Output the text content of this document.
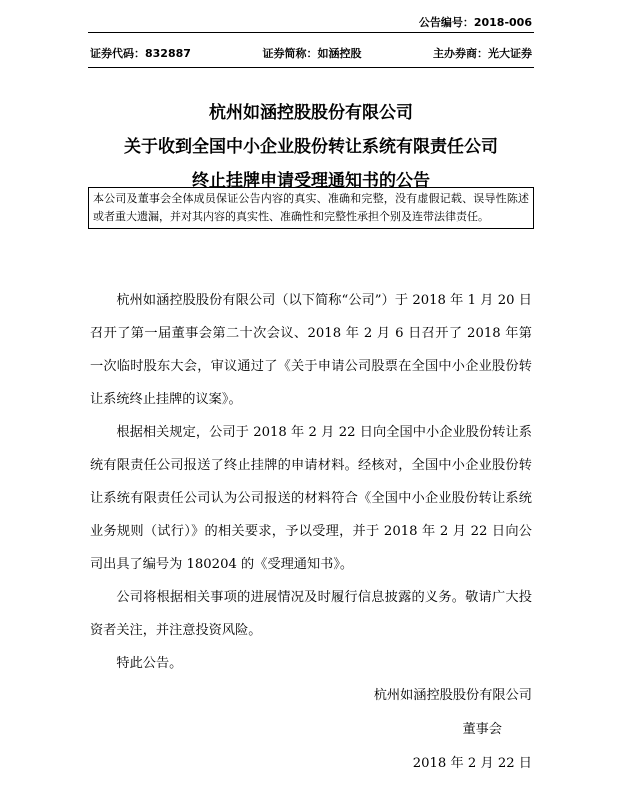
公告编号：2018-006
证券代码：832887	证券简称：如涵控股	主办券商：光大证券
杭州如涵控股股份有限公司
关于收到全国中小企业股份转让系统有限责任公司
终止挂牌申请受理通知书的公告
本公司及董事会全体成员保证公告内容的真实、准确和完整，没有虚假记载、误导性陈述或者重大遗漏，并对其内容的真实性、准确性和完整性承担个别及连带法律责任。

杭州如涵控股股份有限公司（以下简称“公司”）于 2018 年 1 月 20 日召开了第一届董事会第二十次会议、2018 年 2 月 6 日召开了 2018 年第一次临时股东大会，审议通过了《关于申请公司股票在全国中小企业股份转让系统终止挂牌的议案》。

根据相关规定，公司于 2018 年 2 月 22 日向全国中小企业股份转让系统有限责任公司报送了终止挂牌的申请材料。经核对，全国中小企业股份转让系统有限责任公司认为公司报送的材料符合《全国中小企业股份转让系统业务规则（试行）》的相关要求，予以受理，并于 2018 年 2 月 22 日向公司出具了编号为 180204 的《受理通知书》。

公司将根据相关事项的进展情况及时履行信息披露的义务。敬请广大投资者关注，并注意投资风险。

特此公告。

杭州如涵控股股份有限公司
董事会
2018 年 2 月 22 日
